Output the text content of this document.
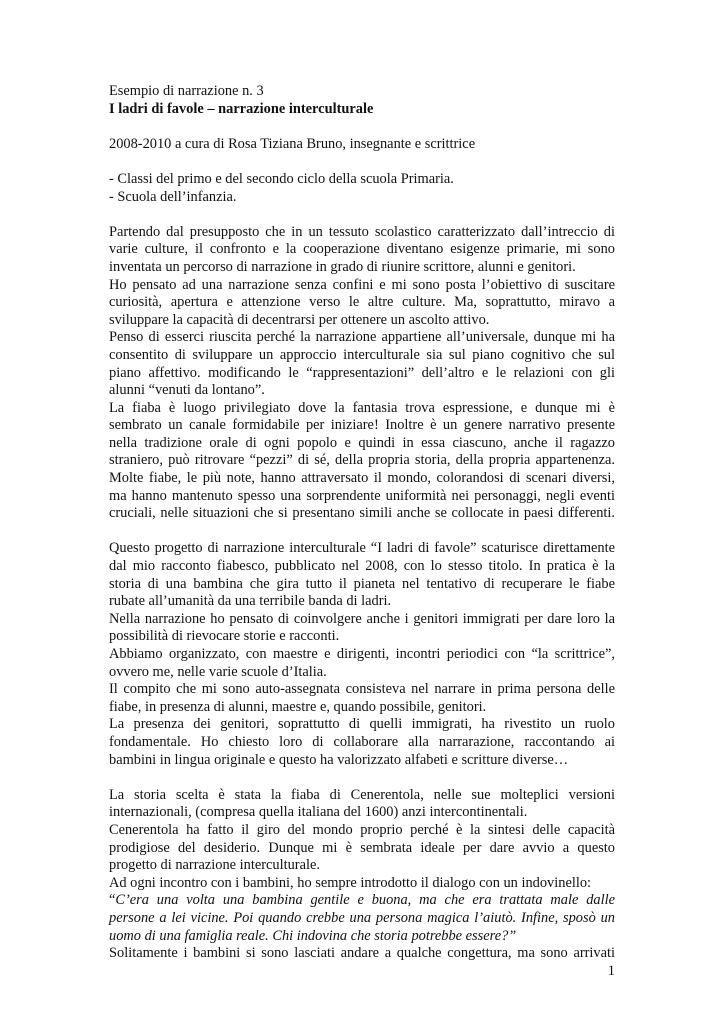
Esempio di narrazione n. 3
I ladri di favole – narrazione interculturale
2008-2010 a cura di Rosa Tiziana Bruno, insegnante e scrittrice
- Classi del primo e del secondo ciclo della scuola Primaria.
- Scuola dell’infanzia.
Partendo dal presupposto che in un tessuto scolastico caratterizzato dall’intreccio di
varie culture, il confronto e la cooperazione diventano esigenze primarie, mi sono
inventata un percorso di narrazione in grado di riunire scrittore, alunni e genitori.
Ho pensato ad una narrazione senza confini e mi sono posta l’obiettivo di suscitare
curiosità, apertura e attenzione verso le altre culture. Ma, soprattutto, miravo a
sviluppare la capacità di decentrarsi per ottenere un ascolto attivo.
Penso di esserci riuscita perché la narrazione appartiene all’universale, dunque mi ha
consentito di sviluppare un approccio interculturale sia sul piano cognitivo che sul
piano affettivo. modificando le “rappresentazioni” dell’altro e le relazioni con gli
alunni “venuti da lontano”.
La fiaba è luogo privilegiato dove la fantasia trova espressione, e dunque mi è
sembrato un canale formidabile per iniziare! Inoltre è un genere narrativo presente
nella tradizione orale di ogni popolo e quindi in essa ciascuno, anche il ragazzo
straniero, può ritrovare “pezzi” di sé, della propria storia, della propria appartenenza.
Molte fiabe, le più note, hanno attraversato il mondo, colorandosi di scenari diversi,
ma hanno mantenuto spesso una sorprendente uniformità nei personaggi, negli eventi
cruciali, nelle situazioni che si presentano simili anche se collocate in paesi differenti.
Questo progetto di narrazione interculturale “I ladri di favole” scaturisce direttamente
dal mio racconto fiabesco, pubblicato nel 2008, con lo stesso titolo. In pratica è la
storia di una bambina che gira tutto il pianeta nel tentativo di recuperare le fiabe
rubate all’umanità da una terribile banda di ladri.
Nella narrazione ho pensato di coinvolgere anche i genitori immigrati per dare loro la
possibilità di rievocare storie e racconti.
Abbiamo organizzato, con maestre e dirigenti, incontri periodici con “la scrittrice”,
ovvero me, nelle varie scuole d’Italia.
Il compito che mi sono auto-assegnata consisteva nel narrare in prima persona delle
fiabe, in presenza di alunni, maestre e, quando possibile, genitori.
La presenza dei genitori, soprattutto di quelli immigrati, ha rivestito un ruolo
fondamentale. Ho chiesto loro di collaborare alla narrarazione, raccontando ai
bambini in lingua originale e questo ha valorizzato alfabeti e scritture diverse…
La storia scelta è stata la fiaba di Cenerentola, nelle sue molteplici versioni
internazionali, (compresa quella italiana del 1600) anzi intercontinentali.
Cenerentola ha fatto il giro del mondo proprio perché è la sintesi delle capacità
prodigiose del desiderio. Dunque mi è sembrata ideale per dare avvio a questo
progetto di narrazione interculturale.
Ad ogni incontro con i bambini, ho sempre introdotto il dialogo con un indovinello:
“C’era una volta una bambina gentile e buona, ma che era trattata male dalle
persone a lei vicine. Poi quando crebbe una persona magica l’aiutò. Infine, sposò un
uomo di una famiglia reale. Chi indovina che storia potrebbe essere?”
Solitamente i bambini si sono lasciati andare a qualche congettura, ma sono arrivati
1
